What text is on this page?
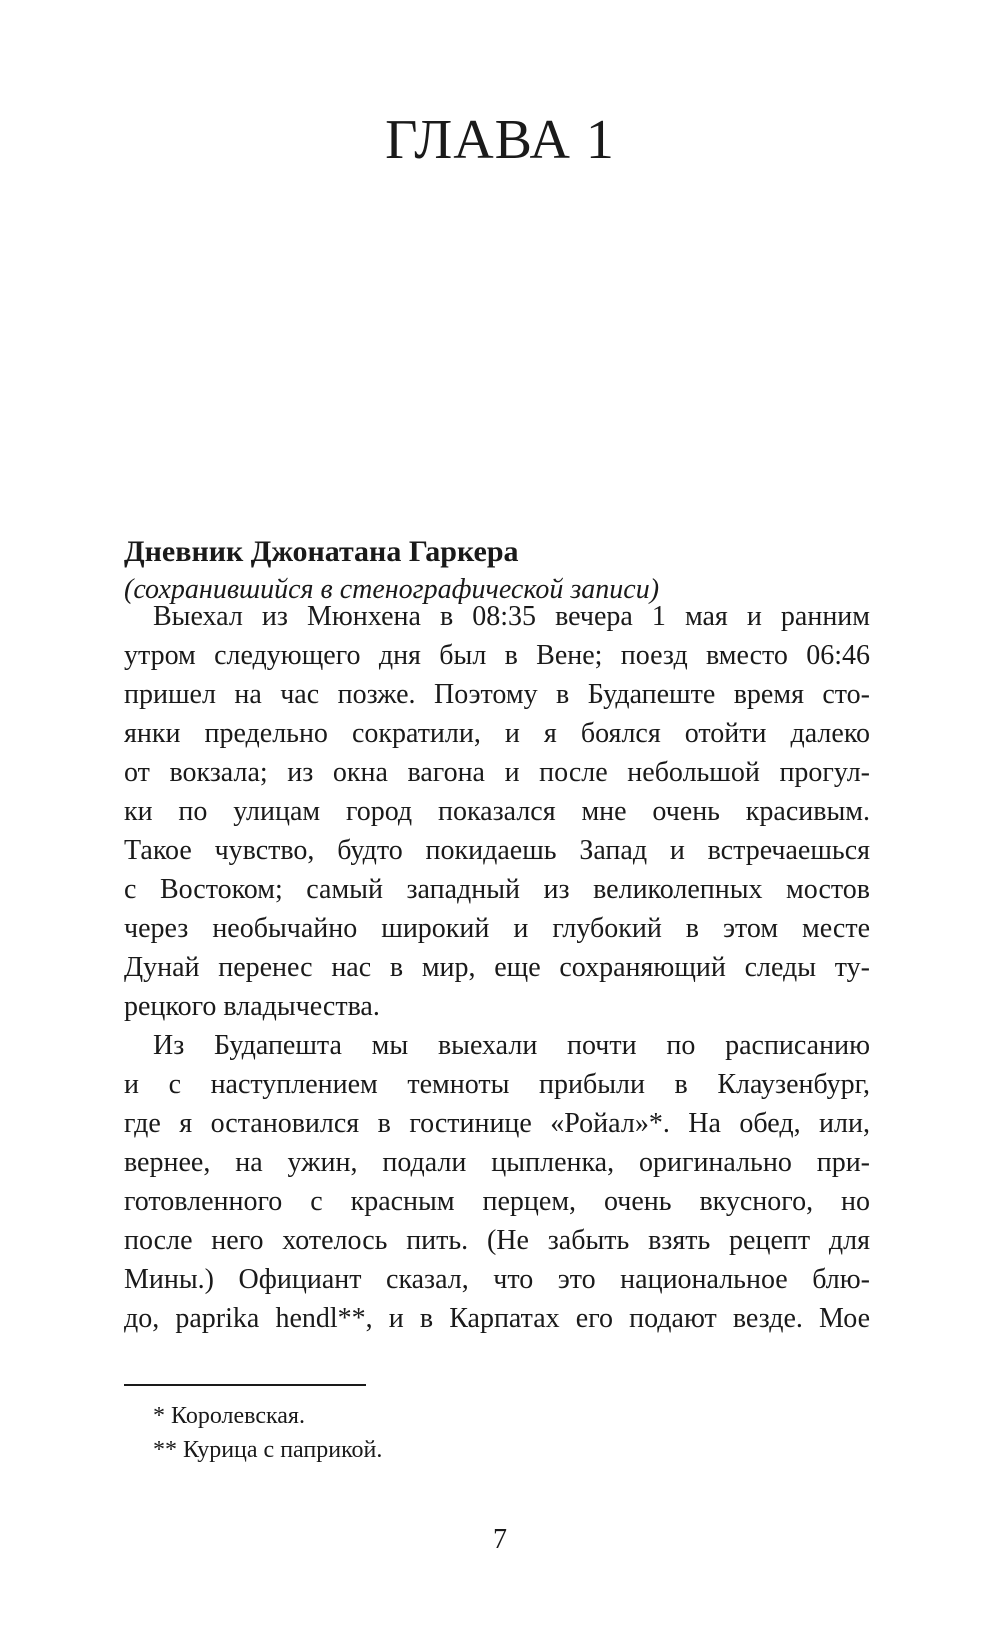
ГЛАВА 1
Дневник Джонатана Гаркера
(сохранившийся в стенографической записи)
Выехал из Мюнхена в 08:35 вечера 1 мая и ранним
утром следующего дня был в Вене; поезд вместо 06:46
пришел на час позже. Поэтому в Будапеште время сто-
янки предельно сократили, и я боялся отойти далеко
от вокзала; из окна вагона и после небольшой прогул-
ки по улицам город показался мне очень красивым.
Такое чувство, будто покидаешь Запад и встречаешься
с Востоком; самый западный из великолепных мостов
через необычайно широкий и глубокий в этом месте
Дунай перенес нас в мир, еще сохраняющий следы ту-
рецкого владычества.
Из Будапешта мы выехали почти по расписанию
и с наступлением темноты прибыли в Клаузенбург,
где я остановился в гостинице «Ройал»*. На обед, или,
вернее, на ужин, подали цыпленка, оригинально при-
готовленного с красным перцем, очень вкусного, но
после него хотелось пить. (Не забыть взять рецепт для
Мины.) Официант сказал, что это национальное блю-
до, paprika hendl**, и в Карпатах его подают везде. Мое
* Королевская.
** Курица с паприкой.
7
